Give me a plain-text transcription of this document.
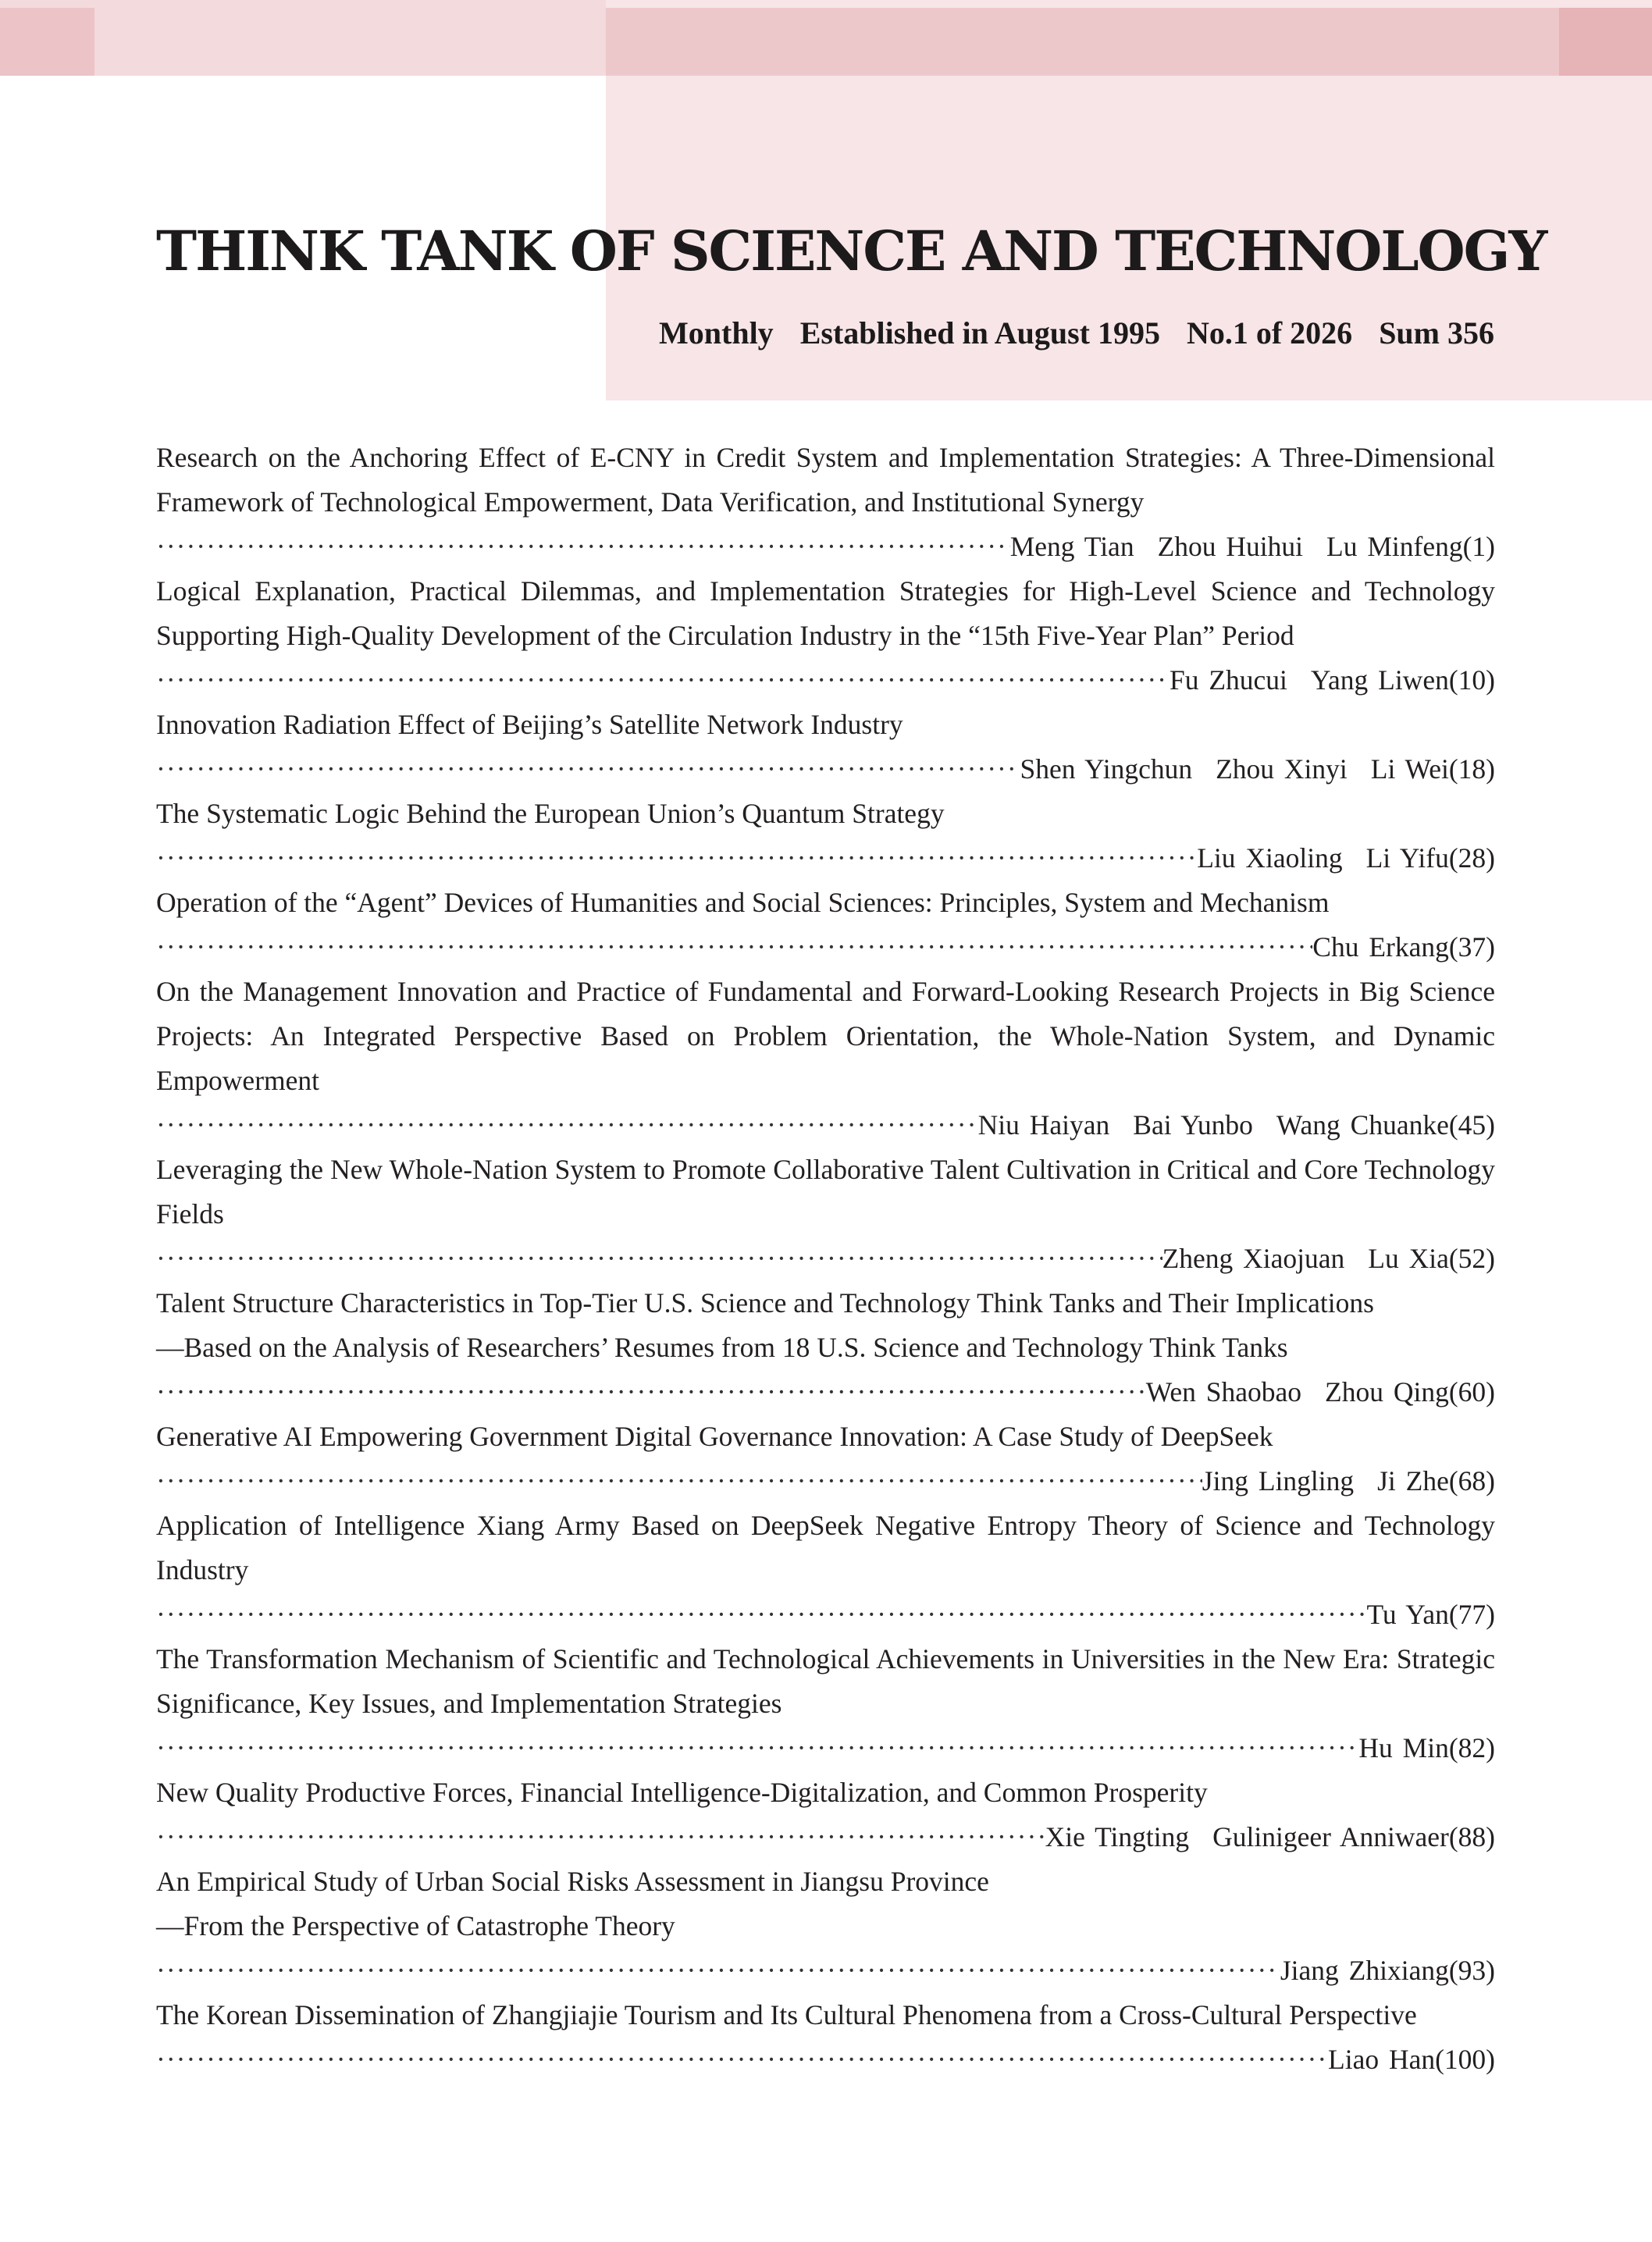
THINK TANK OF SCIENCE AND TECHNOLOGY
Monthly Established in August 1995 No.1 of 2026 Sum 356

Research on the Anchoring Effect of E-CNY in Credit System and Implementation Strategies: A Three-Dimensional Framework of Technological Empowerment, Data Verification, and Institutional Synergy

·····
Meng Tian Zhou Huihui Lu Minfeng (1)

Logical Explanation, Practical Dilemmas, and Implementation Strategies for High-Level Science and Technology Supporting High-Quality Development of the Circulation Industry in the “15th Five-Year Plan” Period

·····
Fu Zhucui Yang Liwen (10)

Innovation Radiation Effect of Beijing’s Satellite Network Industry

·····
Shen Yingchun Zhou Xinyi Li Wei (18)

The Systematic Logic Behind the European Union’s Quantum Strategy

·····
Liu Xiaoling Li Yifu (28)

Operation of the “Agent” Devices of Humanities and Social Sciences: Principles, System and Mechanism

·····
Chu Erkang (37)

On the Management Innovation and Practice of Fundamental and Forward-Looking Research Projects in Big Science Projects: An Integrated Perspective Based on Problem Orientation, the Whole-Nation System, and Dynamic Empowerment

·····
Niu Haiyan Bai Yunbo Wang Chuanke (45)

Leveraging the New Whole-Nation System to Promote Collaborative Talent Cultivation in Critical and Core Technology Fields

·····
Zheng Xiaojuan Lu Xia (52)

Talent Structure Characteristics in Top-Tier U.S. Science and Technology Think Tanks and Their Implications

—Based on the Analysis of Researchers’ Resumes from 18 U.S. Science and Technology Think Tanks

·····
Wen Shaobao Zhou Qing (60)

Generative AI Empowering Government Digital Governance Innovation: A Case Study of DeepSeek

·····
Jing Lingling Ji Zhe (68)

Application of Intelligence Xiang Army Based on DeepSeek Negative Entropy Theory of Science and Technology Industry

·····
Tu Yan (77)

The Transformation Mechanism of Scientific and Technological Achievements in Universities in the New Era: Strategic Significance, Key Issues, and Implementation Strategies

·····
Hu Min (82)

New Quality Productive Forces, Financial Intelligence-Digitalization, and Common Prosperity

·····
Xie Tingting Gulinigeer Anniwaer (88)

An Empirical Study of Urban Social Risks Assessment in Jiangsu Province

—From the Perspective of Catastrophe Theory

·····
Jiang Zhixiang (93)

The Korean Dissemination of Zhangjiajie Tourism and Its Cultural Phenomena from a Cross-Cultural Perspective

·····
Liao Han (100)
